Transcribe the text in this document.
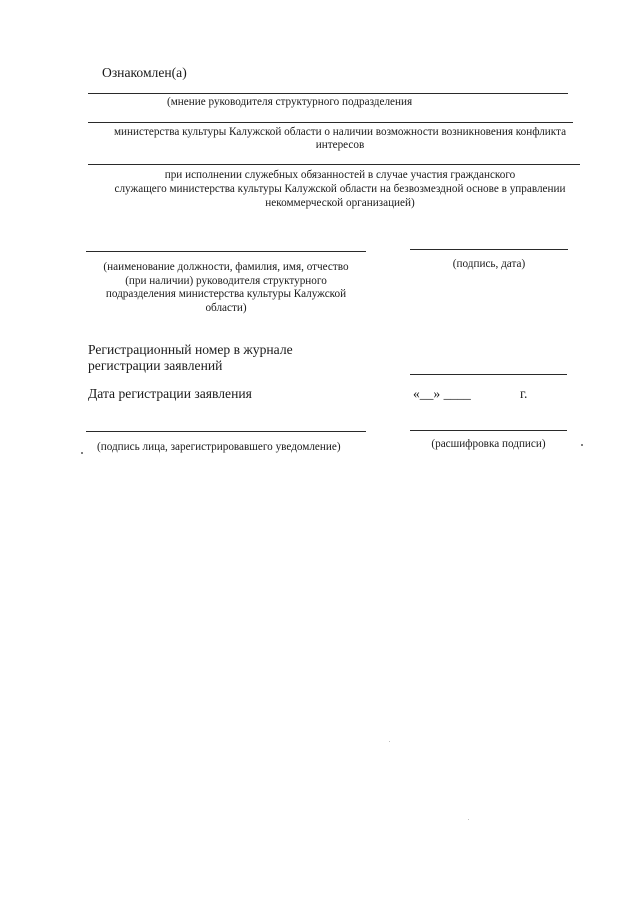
Ознакомлен(а)
(мнение руководителя структурного подразделения
министерства культуры Калужской области о наличии возможности возникновения конфликта
интересов
при исполнении служебных обязанностей в случае участия гражданского
служащего министерства культуры Калужской области на безвозмездной основе в управлении
некоммерческой организацией)
(наименование должности, фамилия, имя, отчество
(при наличии) руководителя структурного
подразделения министерства культуры Калужской
области)
(подпись, дата)
Регистрационный номер в журнале
регистрации заявлений
Дата регистрации заявления	«__» ____	г.
(подпись лица, зарегистрировавшего уведомление)	(расшифровка подписи)
